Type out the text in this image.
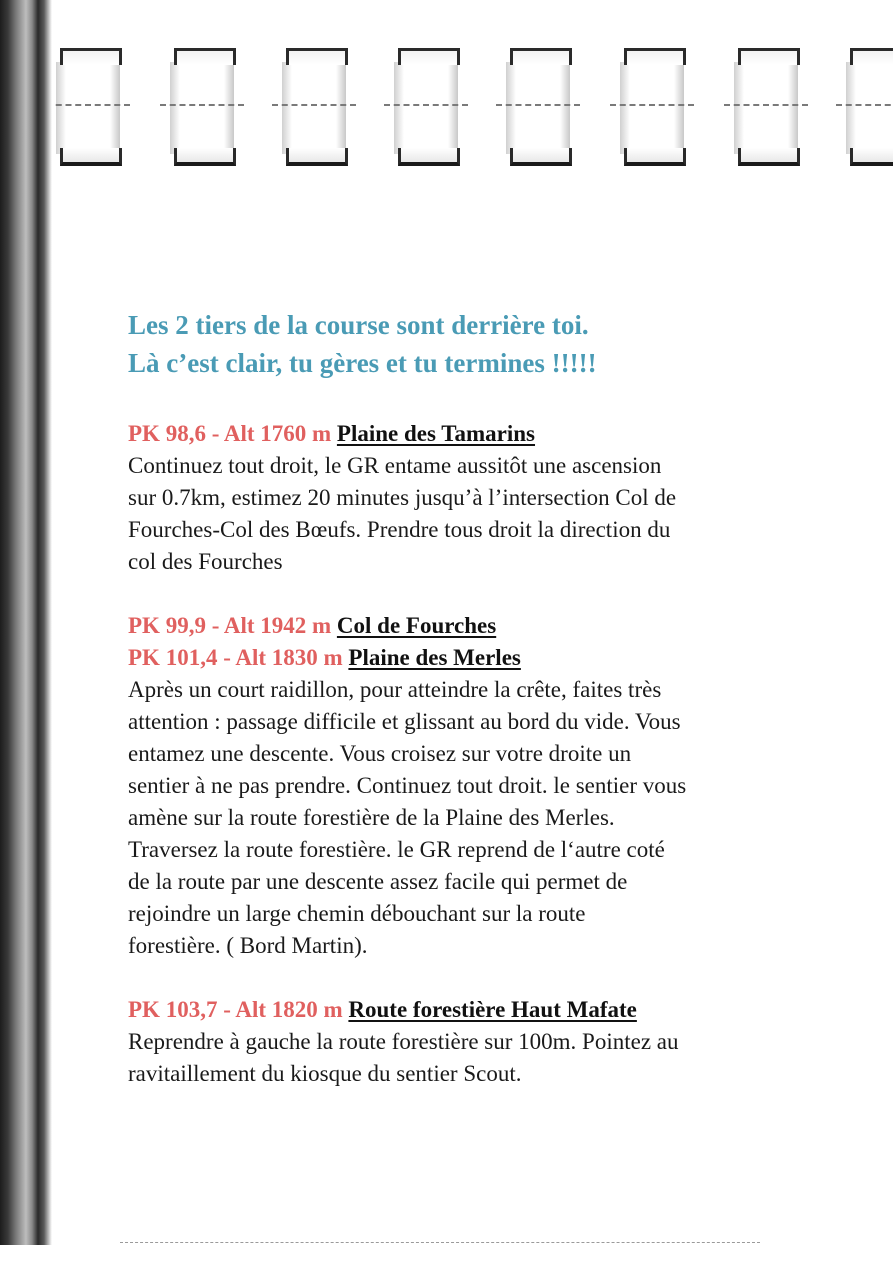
Les 2 tiers de la course sont derrière toi.
Là c’est clair, tu gères et tu termines !!!!!
PK 98,6 - Alt 1760 m Plaine des Tamarins
Continuez tout droit, le GR entame aussitôt une ascension
sur 0.7km, estimez 20 minutes jusqu’à l’intersection Col de
Fourches-Col des Bœufs. Prendre tous droit la direction du
col des Fourches
PK 99,9 - Alt 1942 m Col de Fourches
PK 101,4 - Alt 1830 m Plaine des Merles
Après un court raidillon, pour atteindre la crête, faites très
attention : passage difficile et glissant au bord du vide. Vous
entamez une descente. Vous croisez sur votre droite un
sentier à ne pas prendre. Continuez tout droit. le sentier vous
amène sur la route forestière de la Plaine des Merles.
Traversez la route forestière. le GR reprend de l‘autre coté
de la route par une descente assez facile qui permet de
rejoindre un large chemin débouchant sur la route
forestière. ( Bord Martin).
PK 103,7 - Alt 1820 m Route forestière Haut Mafate
Reprendre à gauche la route forestière sur 100m. Pointez au
ravitaillement du kiosque du sentier Scout.
